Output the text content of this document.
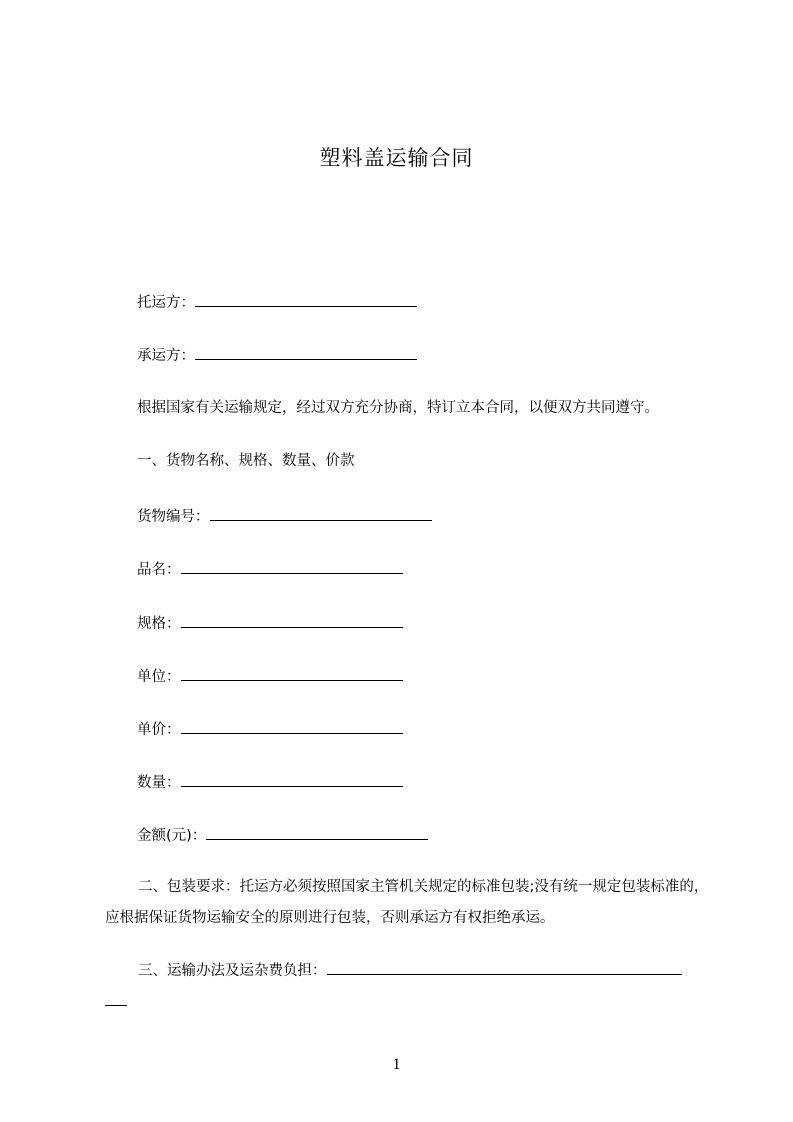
塑料盖运输合同
托运方：
承运方：
根据国家有关运输规定，经过双方充分协商，特订立本合同，以便双方共同遵守。
一、货物名称、规格、数量、价款
货物编号：
品名：
规格：
单位：
单价：
数量：
金额(元)：

二、包装要求：托运方必须按照国家主管机关规定的标准包装;没有统一规定包装标准的，应根据保证货物运输安全的原则进行包装，否则承运方有权拒绝承运。

三、运输办法及运杂费负担：
1
